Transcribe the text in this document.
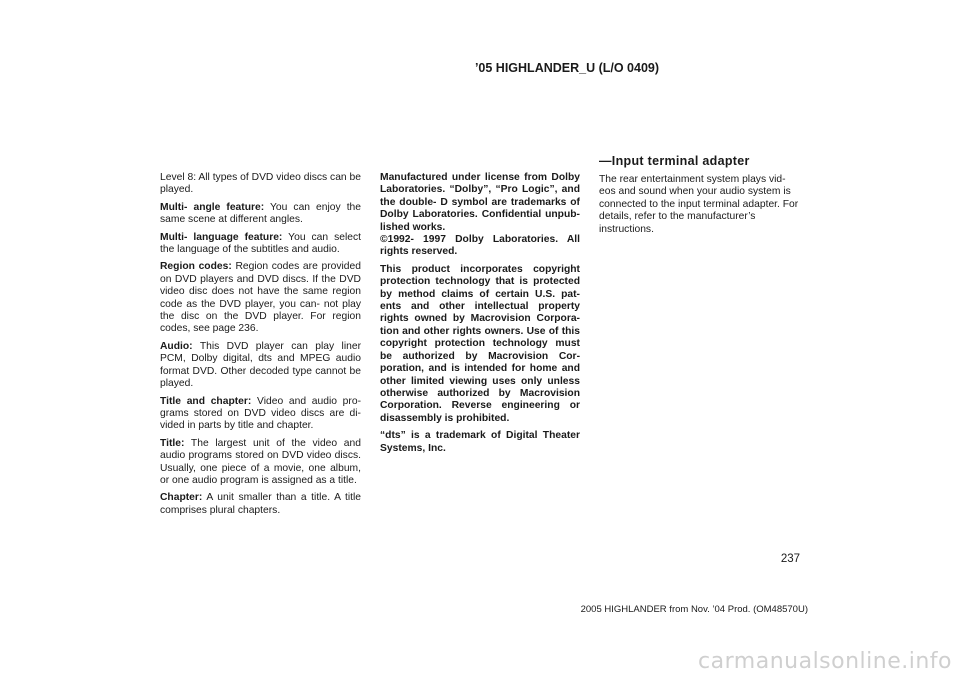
’05 HIGHLANDER_U (L/O 0409)

Level 8: All types of DVD video discs can be played.

Multi- angle feature: You can enjoy the same scene at different angles.

Multi- language feature: You can select the language of the subtitles and audio.

Region codes: Region codes are provided on DVD players and DVD discs. If the DVD video disc does not have the same region code as the DVD player, you can- not play the disc on the DVD player. For region codes, see page 236.

Audio: This DVD player can play liner PCM, Dolby digital, dts and MPEG audio format DVD. Other decoded type cannot be played.

Title and chapter: Video and audio pro- grams stored on DVD video discs are di- vided in parts by title and chapter.

Title: The largest unit of the video and audio programs stored on DVD video discs. Usually, one piece of a movie, one album, or one audio program is assigned as a title.

Chapter: A unit smaller than a title. A title comprises plural chapters.

Manufactured under license from Dolby Laboratories. “Dolby”, “Pro Logic”, and the double- D symbol are trademarks of Dolby Laboratories. Confidential unpub- lished works.
©1992- 1997 Dolby Laboratories. All rights reserved.

This product incorporates copyright protection technology that is protected by method claims of certain U.S. pat- ents and other intellectual property rights owned by Macrovision Corpora- tion and other rights owners. Use of this copyright protection technology must be authorized by Macrovision Cor- poration, and is intended for home and other limited viewing uses only unless otherwise authorized by Macrovision Corporation. Reverse engineering or disassembly is prohibited.

“dts” is a trademark of Digital Theater Systems, Inc.

—Input terminal adapter

The rear entertainment system plays vid- eos and sound when your audio system is connected to the input terminal adapter. For details, refer to the manufacturer’s instructions.

237
2005 HIGHLANDER from Nov. ’04 Prod. (OM48570U)
carmanualsonline.info
